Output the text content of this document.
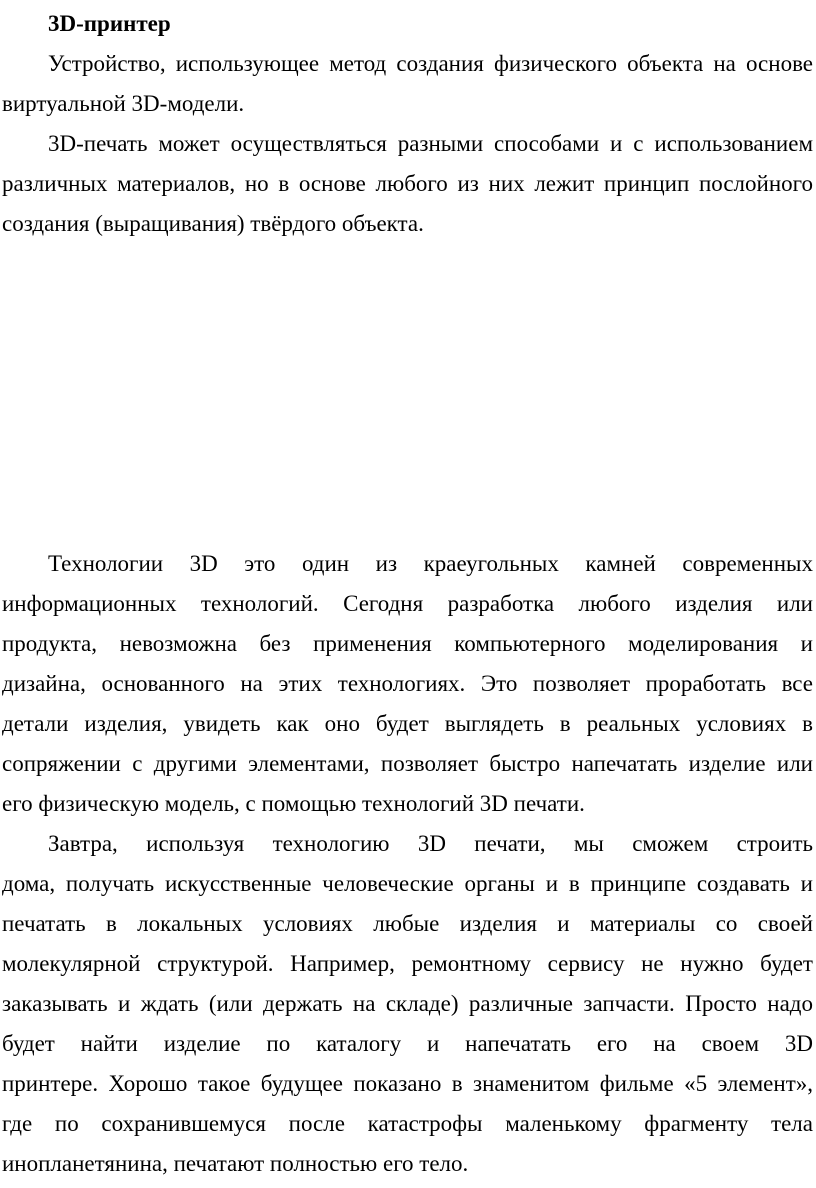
3D-принтер

Устройство, использующее метод создания физического объекта на основе
виртуальной 3D-модели.
3D-печать может осуществляться разными способами и с использованием
различных материалов, но в основе любого из них лежит принцип послойного
создания (выращивания) твёрдого объекта.
Технологии 3D это один из краеугольных камней современных
информационных технологий. Сегодня разработка любого изделия или
продукта, невозможна без применения компьютерного моделирования и
дизайна, основанного на этих технологиях. Это позволяет проработать все
детали изделия, увидеть как оно будет выглядеть в реальных условиях в
сопряжении с другими элементами, позволяет быстро напечатать изделие или
его физическую модель, с помощью технологий 3D печати.
Завтра, используя технологию 3D печати, мы сможем строить
дома, получать искусственные человеческие органы и в принципе создавать и
печатать в локальных условиях любые изделия и материалы со своей
молекулярной структурой. Например, ремонтному сервису не нужно будет
заказывать и ждать (или держать на складе) различные запчасти. Просто надо
будет найти изделие по каталогу и напечатать его на своем 3D
принтере. Хорошо такое будущее показано в знаменитом фильме «5 элемент»,
где по сохранившемуся после катастрофы маленькому фрагменту тела
инопланетянина, печатают полностью его тело.
